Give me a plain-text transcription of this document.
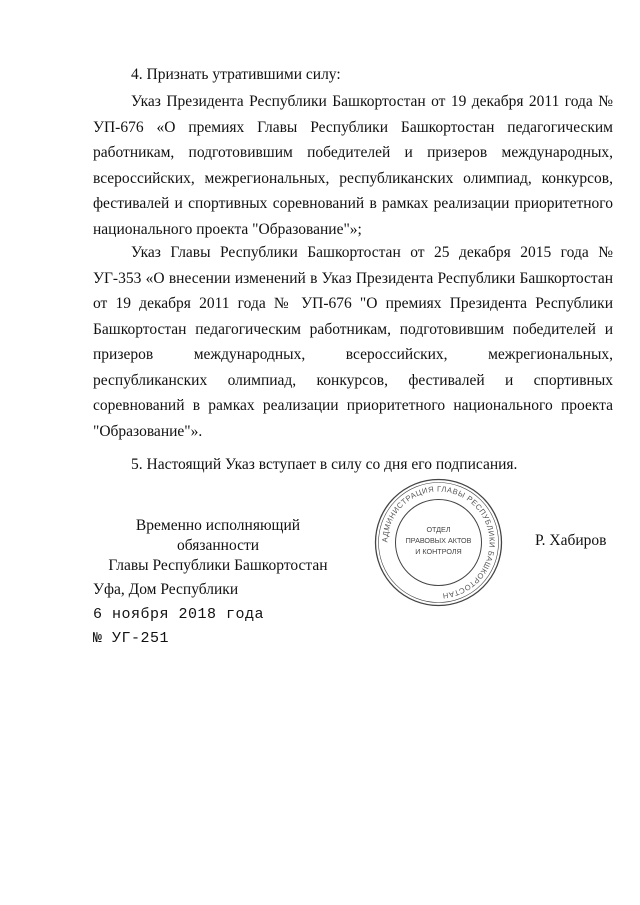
4. Признать утратившими силу:
Указ Президента Республики Башкортостан от 19 декабря 2011 года № УП-676 «О премиях Главы Республики Башкортостан педагогическим работникам, подготовившим победителей и призеров международных, всероссийских, межрегиональных, республиканских олимпиад, конкурсов, фестивалей и спортивных соревнований в рамках реализации приоритетного национального проекта "Образование"»;
Указ Главы Республики Башкортостан от 25 декабря 2015 года № УГ-353 «О внесении изменений в Указ Президента Республики Башкортостан от 19 декабря 2011 года № УП-676 "О премиях Президента Республики Башкортостан педагогическим работникам, подготовившим победителей и призеров международных, всероссийских, межрегиональных, республиканских олимпиад, конкурсов, фестивалей и спортивных соревнований в рамках реализации приоритетного национального проекта "Образование"».
5. Настоящий Указ вступает в силу со дня его подписания.
Временно исполняющий обязанности
Главы Республики Башкортостан
АДМИНИСТРАЦИЯ ГЛАВЫ РЕСПУБЛИКИ БАШКОРТОСТАН
ОТДЕЛ
ПРАВОВЫХ АКТОВ
И КОНТРОЛЯ
Р. Хабиров
Уфа, Дом Республики
6 ноября 2018 года
№ УГ-251
